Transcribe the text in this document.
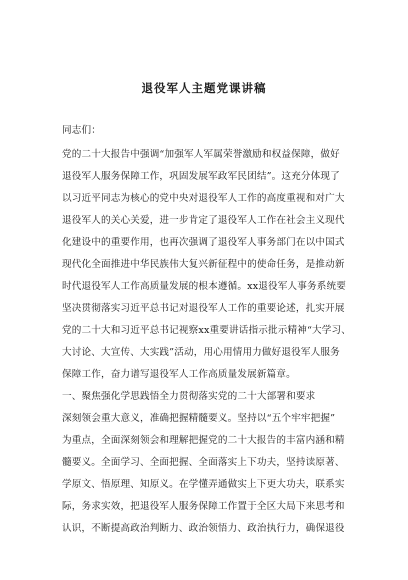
退役军人主题党课讲稿
同志们：
党的二十大报告中强调“加强军人军属荣誉激励和权益保障，做好
退役军人服务保障工作，巩固发展军政军民团结”。这充分体现了
以习近平同志为核心的党中央对退役军人工作的高度重视和对广大
退役军人的关心关爱，进一步肯定了退役军人工作在社会主义现代
化建设中的重要作用，也再次强调了退役军人事务部门在以中国式
现代化全面推进中华民族伟大复兴新征程中的使命任务，是推动新
时代退役军人工作高质量发展的根本遵循。xx退役军人事务系统要
坚决贯彻落实习近平总书记对退役军人工作的重要论述，扎实开展
党的二十大和习近平总书记视察xx重要讲话指示批示精神“大学习、
大讨论、大宣传、大实践”活动，用心用情用力做好退役军人服务
保障工作，奋力谱写退役军人工作高质量发展新篇章。
一、聚焦强化学思践悟全力贯彻落实党的二十大部署和要求
深刻领会重大意义，准确把握精髓要义。坚持以“五个牢牢把握”
为重点，全面深刻领会和理解把握党的二十大报告的丰富内涵和精
髓要义。全面学习、全面把握、全面落实上下功夫，坚持读原著、
学原文、悟原理、知原义。在学懂弄通做实上下更大功夫，联系实
际，务求实效，把退役军人服务保障工作置于全区大局下来思考和
认识，不断提高政治判断力、政治领悟力、政治执行力，确保退役
